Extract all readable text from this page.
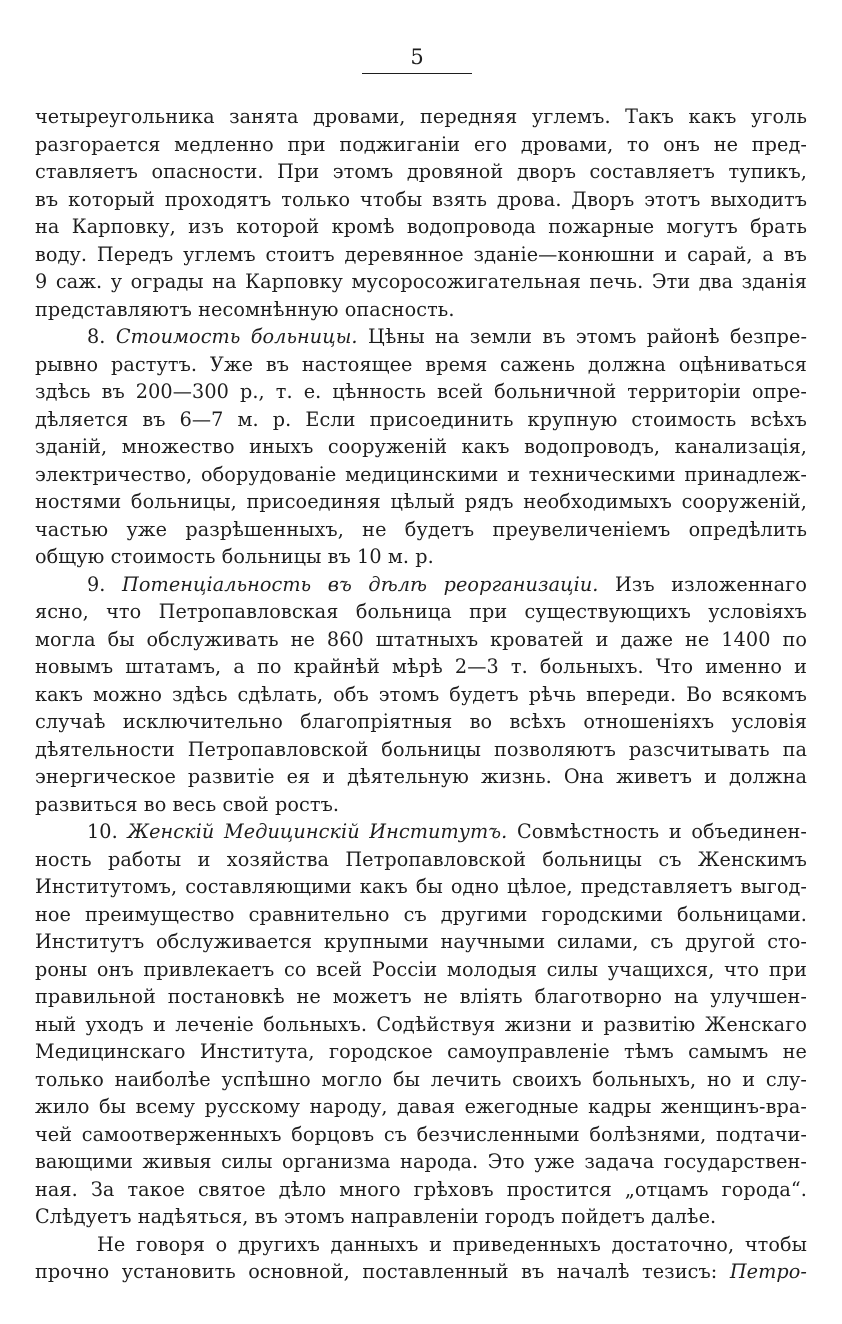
5
четыреугольника занята дровами, передняя углемъ. Такъ какъ уголь
разгорается медленно при поджиганіи его дровами, то онъ не пред-
ставляетъ опасности. При этомъ дровяной дворъ составляетъ тупикъ,
въ который проходятъ только чтобы взять дрова. Дворъ этотъ выходитъ
на Карповку, изъ которой кромѣ водопровода пожарные могутъ брать
воду. Передъ углемъ стоитъ деревянное зданіе—конюшни и сарай, а въ
9 саж. у ограды на Карповку мусоросожигательная печь. Эти два зданія
представляютъ несомнѣнную опасность.
8. Стоимость больницы. Цѣны на земли въ этомъ районѣ безпре-
рывно растутъ. Уже въ настоящее время сажень должна оцѣниваться
здѣсь въ 200—300 р., т. е. цѣнность всей больничной территоріи опре-
дѣляется въ 6—7 м. р. Если присоединить крупную стоимость всѣхъ
зданій, множество иныхъ сооруженій какъ водопроводъ, канализація,
электричество, оборудованіе медицинскими и техническими принадлеж-
ностями больницы, присоединяя цѣлый рядъ необходимыхъ сооруженій,
частью уже разрѣшенныхъ, не будетъ преувеличеніемъ опредѣлить
общую стоимость больницы въ 10 м. р.
9. Потенціальность въ дѣлѣ реорганизаціи. Изъ изложеннаго
ясно, что Петропавловская больница при существующихъ условіяхъ
могла бы обслуживать не 860 штатныхъ кроватей и даже не 1400 по
новымъ штатамъ, а по крайнѣй мѣрѣ 2—3 т. больныхъ. Что именно и
какъ можно здѣсь сдѣлать, объ этомъ будетъ рѣчь впереди. Во всякомъ
случаѣ исключительно благопріятныя во всѣхъ отношеніяхъ условія
дѣятельности Петропавловской больницы позволяютъ разсчитывать па
энергическое развитіе ея и дѣятельную жизнь. Она живетъ и должна
развиться во весь свой ростъ.
10. Женскій Медицинскій Институтъ. Совмѣстность и объединен-
ность работы и хозяйства Петропавловской больницы съ Женскимъ
Институтомъ, составляющими какъ бы одно цѣлое, представляетъ выгод-
ное преимущество сравнительно съ другими городскими больницами.
Институтъ обслуживается крупными научными силами, съ другой сто-
роны онъ привлекаетъ со всей Россіи молодыя силы учащихся, что при
правильной постановкѣ не можетъ не вліять благотворно на улучшен-
ный уходъ и леченіе больныхъ. Содѣйствуя жизни и развитію Женскаго
Медицинскаго Института, городское самоуправленіе тѣмъ самымъ не
только наиболѣе успѣшно могло бы лечить своихъ больныхъ, но и слу-
жило бы всему русскому народу, давая ежегодные кадры женщинъ-вра-
чей самоотверженныхъ борцовъ съ безчисленными болѣзнями, подтачи-
вающими живыя силы организма народа. Это уже задача государствен-
ная. За такое святое дѣло много грѣховъ простится „отцамъ города“.
Слѣдуетъ надѣяться, въ этомъ направленіи городъ пойдетъ далѣе.
Не говоря о другихъ данныхъ и приведенныхъ достаточно, чтобы
прочно установить основной, поставленный въ началѣ тезисъ: Петро-
